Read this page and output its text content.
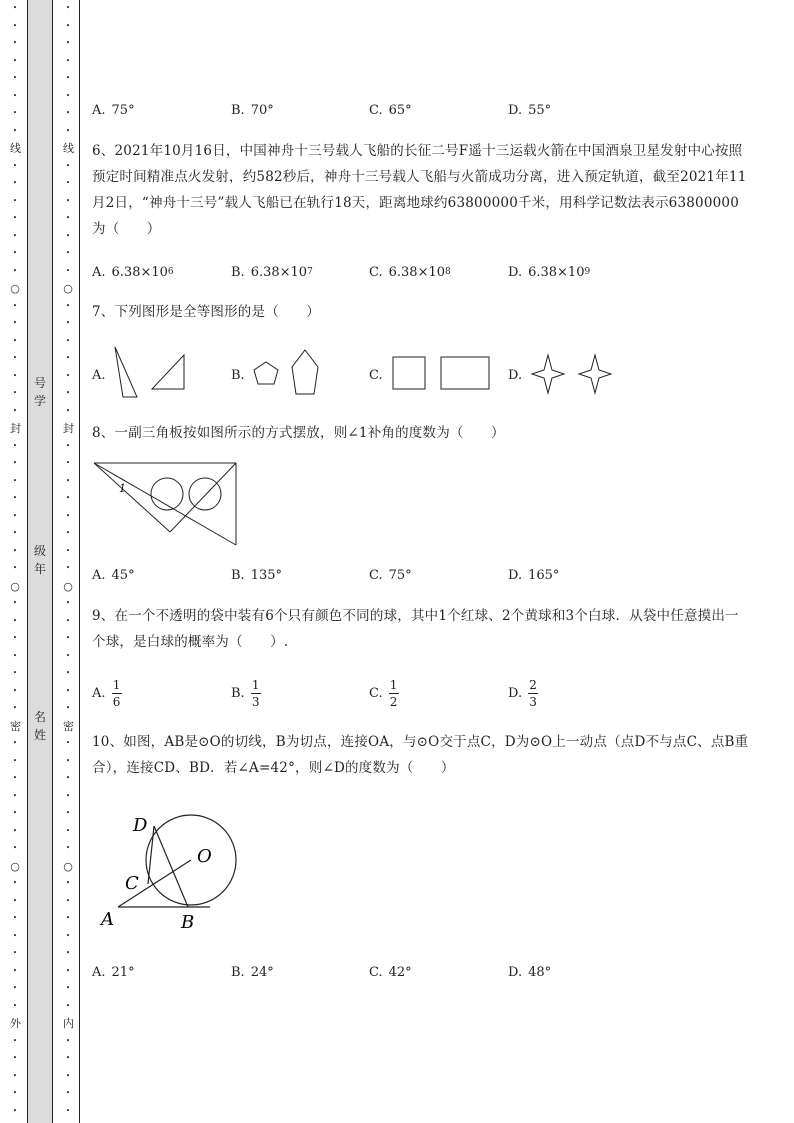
•
•
•
•
•
•
•
•
线
•
•
•
•
•
•
•
○
•
•
•
•
•
•
•
封
•
•
•
•
•
•
•
•
○
•
•
•
•
•
•
•
密
•
•
•
•
•
•
•
○
•
•
•
•
•
•
•
•
外
•
•
•
•
•
•
•
•
•
•
•
•
•
线
•
•
•
•
•
•
•
○
•
•
•
•
•
•
•
封
•
•
•
•
•
•
•
•
○
•
•
•
•
•
•
•
密
•
•
•
•
•
•
•
○
•
•
•
•
•
•
•
•
内
•
•
•
•
•
号
学
级
年
名
姓
A. 75°	B. 70°	C. 65°	D. 55°
6、2021年10月16日，中国神舟十三号载人飞船的长征二号F遥十三运载火箭在中国酒泉卫星发射中心按照预定时间精准点火发射，约582秒后，神舟十三号载人飞船与火箭成功分离，进入预定轨道，截至2021年11月2日，“神舟十三号”载人飞船已在轨行18天，距离地球约63800000千米，用科学记数法表示63800000为（　　）
A. 6.38×10 6	B. 6.38×10 7	C. 6.38×10 8	D. 6.38×10 9
7、下列图形是全等图形的是（　　）
A.	B.	C.	D.
8、一副三角板按如图所示的方式摆放，则∠1补角的度数为（　　）
1
A. 45°	B. 135°	C. 75°	D. 165°
9、在一个不透明的袋中装有6个只有颜色不同的球，其中1个红球、2个黄球和3个白球．从袋中任意摸出一个球，是白球的概率为（　　）.
A. $\frac{1}{6}$	B. $\frac{1}{3}$	C. $\frac{1}{2}$	D. $\frac{2}{3}$
10、如图，AB是⊙O的切线，B为切点，连接OA，与⊙O交于点C，D为⊙O上一动点（点D不与点C、点B重合），连接CD、BD．若∠A=42°，则∠D的度数为（　　）
D
O
C
A	B
A. 21°	B. 24°	C. 42°	D. 48°
